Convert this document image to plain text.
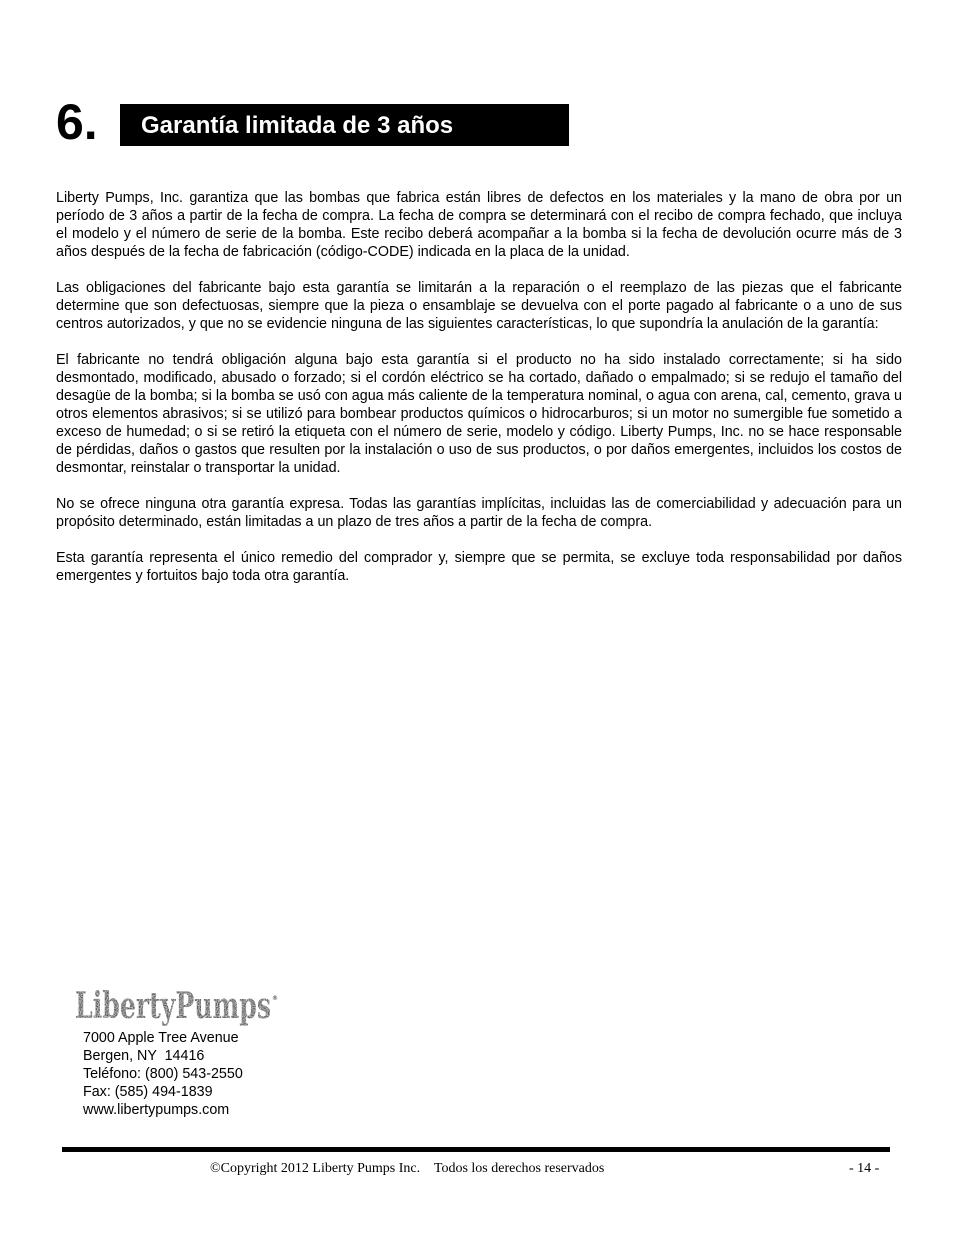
6.	Garantía limitada de 3 años

Liberty Pumps, Inc. garantiza que las bombas que fabrica están libres de defectos en los materiales y la mano de obra por un período de 3 años a partir de la fecha de compra. La fecha de compra se determinará con el recibo de compra fechado, que incluya el modelo y el número de serie de la bomba. Este recibo deberá acompañar a la bomba si la fecha de devolución ocurre más de 3 años después de la fecha de fabricación (código-CODE) indicada en la placa de la unidad.

Las obligaciones del fabricante bajo esta garantía se limitarán a la reparación o el reemplazo de las piezas que el fabricante determine que son defectuosas, siempre que la pieza o ensamblaje se devuelva con el porte pagado al fabricante o a uno de sus centros autorizados, y que no se evidencie ninguna de las siguientes características, lo que supondría la anulación de la garantía:

El fabricante no tendrá obligación alguna bajo esta garantía si el producto no ha sido instalado correctamente; si ha sido desmontado, modificado, abusado o forzado; si el cordón eléctrico se ha cortado, dañado o empalmado; si se redujo el tamaño del desagüe de la bomba; si la bomba se usó con agua más caliente de la temperatura nominal, o agua con arena, cal, cemento, grava u otros elementos abrasivos; si se utilizó para bombear productos químicos o hidrocarburos; si un motor no sumergible fue sometido a exceso de humedad; o si se retiró la etiqueta con el número de serie, modelo y código. Liberty Pumps, Inc. no se hace responsable de pérdidas, daños o gastos que resulten por la instalación o uso de sus productos, o por daños emergentes, incluidos los costos de desmontar, reinstalar o transportar la unidad.

No se ofrece ninguna otra garantía expresa. Todas las garantías implícitas, incluidas las de comerciabilidad y adecuación para un propósito determinado, están limitadas a un plazo de tres años a partir de la fecha de compra.

Esta garantía representa el único remedio del comprador y, siempre que se permita, se excluye toda responsabilidad por daños emergentes y fortuitos bajo toda otra garantía.

LibertyPumps ®
7000 Apple Tree Avenue
Bergen, NY  14416
Teléfono: (800) 543-2550
Fax: (585) 494-1839
www.libertypumps.com
©Copyright 2012 Liberty Pumps Inc.    Todos los derechos reservados	- 14 -
